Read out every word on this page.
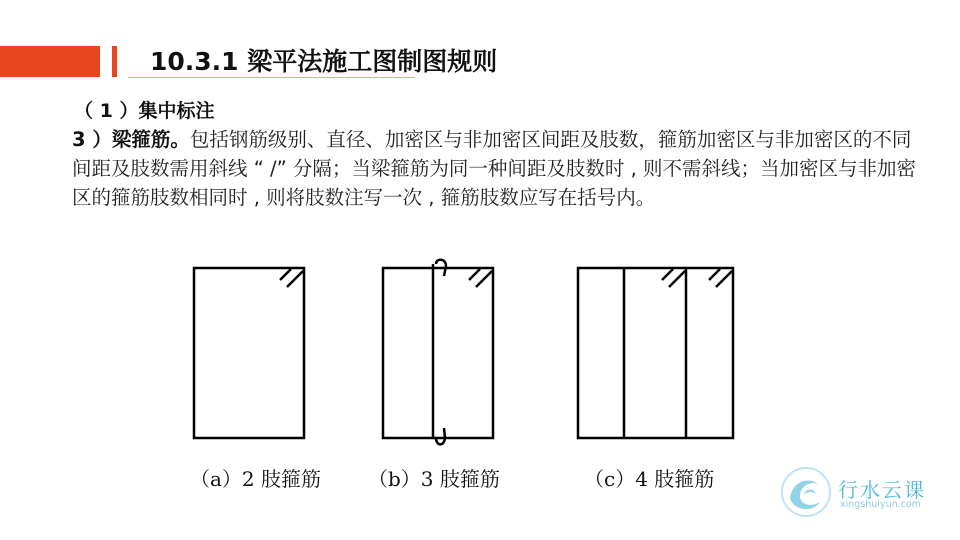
10.3.1 梁平法施工图制图规则
（ 1 ）集中标注
3 ）梁箍筋。包括钢筋级别、直径、加密区与非加密区间距及肢数，箍筋加密区与非加密区的不同间距及肢数需用斜线 “ /” 分隔；当梁箍筋为同一种间距及肢数时 , 则不需斜线；当加密区与非加密区的箍筋肢数相同时 , 则将肢数注写一次 , 箍筋肢数应写在括号内。
（a）2 肢箍筋 （b）3 肢箍筋	（c）4 肢箍筋	行水云课
xingshuiyun.com
